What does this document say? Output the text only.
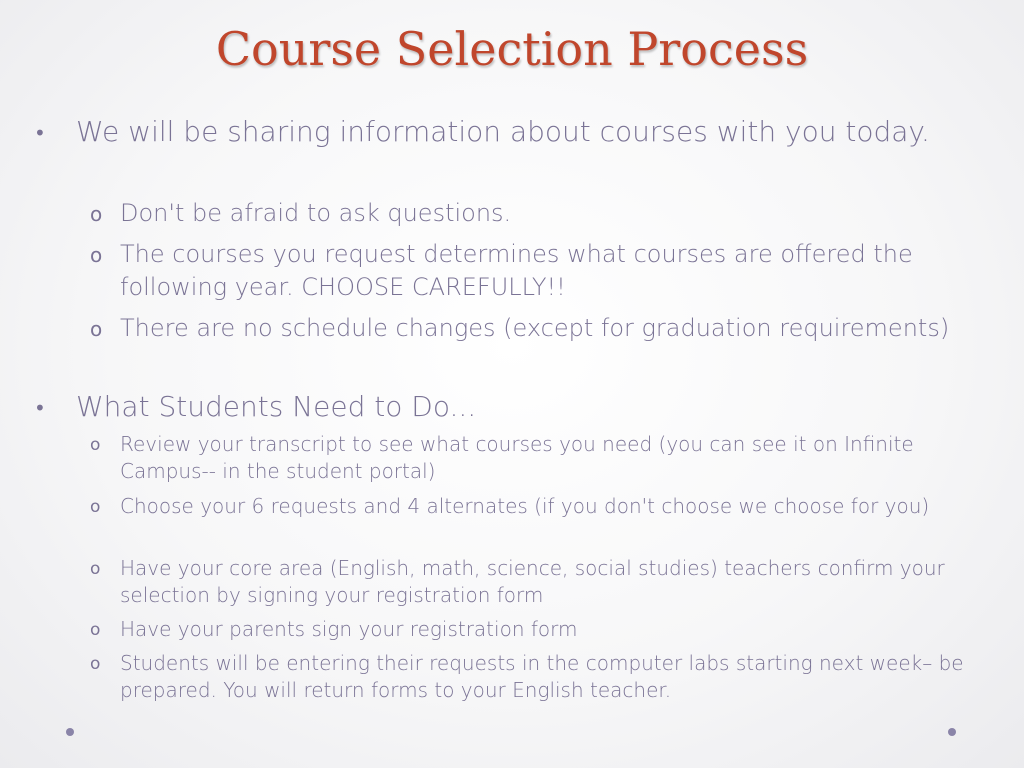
Course Selection Process
• We will be sharing information about courses with you today.
o Don't be afraid to ask questions.
o The courses you request determines what courses are offered the following year. CHOOSE CAREFULLY!!
o There are no schedule changes (except for graduation requirements)
• What Students Need to Do...
o Review your transcript to see what courses you need (you can see it on Infinite Campus-- in the student portal)
o Choose your 6 requests and 4 alternates (if you don't choose we choose for you)
o Have your core area (English, math, science, social studies) teachers confirm your selection by signing your registration form
o Have your parents sign your registration form
o Students will be entering their requests in the computer labs starting next week– be prepared. You will return forms to your English teacher.
